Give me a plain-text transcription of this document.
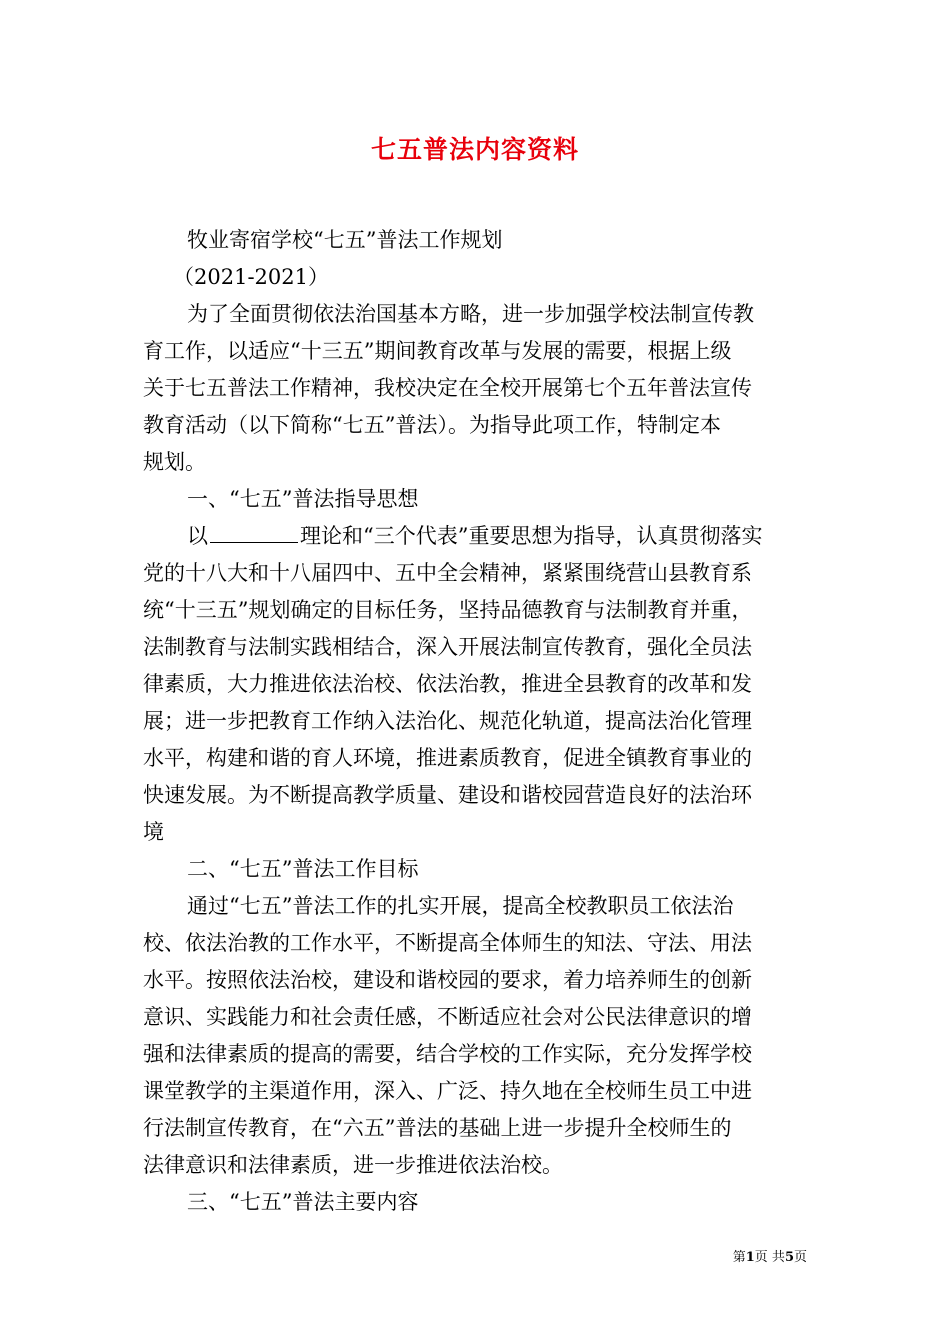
七五普法内容资料
牧业寄宿学校“七五”普法工作规划
（2021-2021）
为了全面贯彻依法治国基本方略，进一步加强学校法制宣传教
育工作，以适应“十三五”期间教育改革与发展的需要，根据上级
关于七五普法工作精神，我校决定在全校开展第七个五年普法宣传
教育活动（以下简称“七五”普法）。为指导此项工作，特制定本
规划。
一、“七五”普法指导思想
以	理论和“三个代表”重要思想为指导，认真贯彻落实
党的十八大和十八届四中、五中全会精神，紧紧围绕营山县教育系
统“十三五”规划确定的目标任务，坚持品德教育与法制教育并重，
法制教育与法制实践相结合，深入开展法制宣传教育，强化全员法
律素质，大力推进依法治校、依法治教，推进全县教育的改革和发
展；进一步把教育工作纳入法治化、规范化轨道，提高法治化管理
水平，构建和谐的育人环境，推进素质教育，促进全镇教育事业的
快速发展。为不断提高教学质量、建设和谐校园营造良好的法治环
境
二、“七五”普法工作目标
通过“七五”普法工作的扎实开展，提高全校教职员工依法治
校、依法治教的工作水平，不断提高全体师生的知法、守法、用法
水平。按照依法治校，建设和谐校园的要求，着力培养师生的创新
意识、实践能力和社会责任感，不断适应社会对公民法律意识的增
强和法律素质的提高的需要，结合学校的工作实际，充分发挥学校
课堂教学的主渠道作用，深入、广泛、持久地在全校师生员工中进
行法制宣传教育，在“六五”普法的基础上进一步提升全校师生的
法律意识和法律素质，进一步推进依法治校。
三、“七五”普法主要内容
第1页 共5页
